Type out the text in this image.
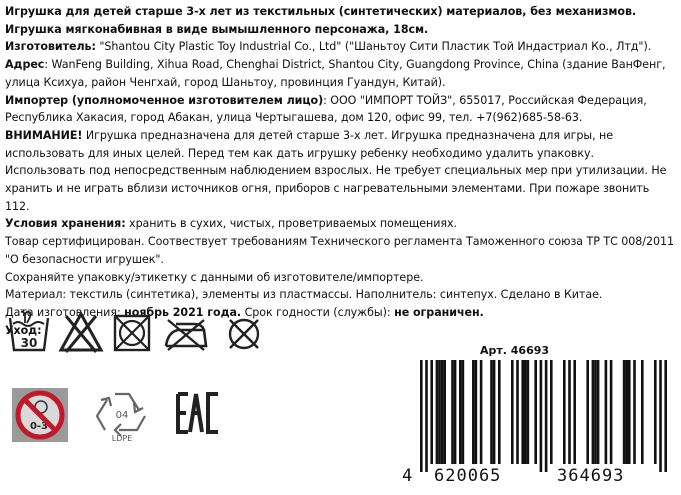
Игрушка для детей старше 3-х лет из текстильных (синтетических) материалов, без механизмов.

Игрушка мягконабивная в виде вымышленного персонажа, 18см.

Изготовитель: "Shantou City Plastic Toy Industrial Co., Ltd" ("Шаньтоу Сити Пластик Той Индастриал Ко., Лтд"). Адрес: WanFeng Building, Xihua Road, Chenghai District, Shantou City, Guangdong Province, China (здание ВанФенг, улица Ксихуа, район Ченгхай, город Шаньтоу, провинция Гуандун, Китай).

Импортер (уполномоченное изготовителем лицо): ООО "ИМПОРТ ТОЙЗ", 655017, Российская Федерация, Республика Хакасия, город Абакан, улица Чертыгашева, дом 120, офис 99, тел. +7(962)685-58-63.

ВНИМАНИЕ! Игрушка предназначена для детей старше 3-х лет. Игрушка предназначена для игры, не использовать для иных целей. Перед тем как дать игрушку ребенку необходимо удалить упаковку. Использовать под непосредственным наблюдением взрослых. Не требует специальных мер при утилизации. Не хранить и не играть вблизи источников огня, приборов с нагревательными элементами. При пожаре звонить 112.

Условия хранения: хранить в сухих, чистых, проветриваемых помещениях.

Товар сертифицирован. Соотвествует требованиям Технического регламента Таможенного союза ТР ТС 008/2011 "О безопасности игрушек".

Сохраняйте упаковку/этикетку с данными об изготовителе/импортере.

Материал: текстиль (синтетика), элементы из пластмассы. Наполнитель: синтепух. Сделано в Китае.

Дата изготовления: ноябрь 2021 года. Срок годности (службы): не ограничен.

Уход:

30
0-3
04
LDPE
Арт. 46693
4 620065	364693
